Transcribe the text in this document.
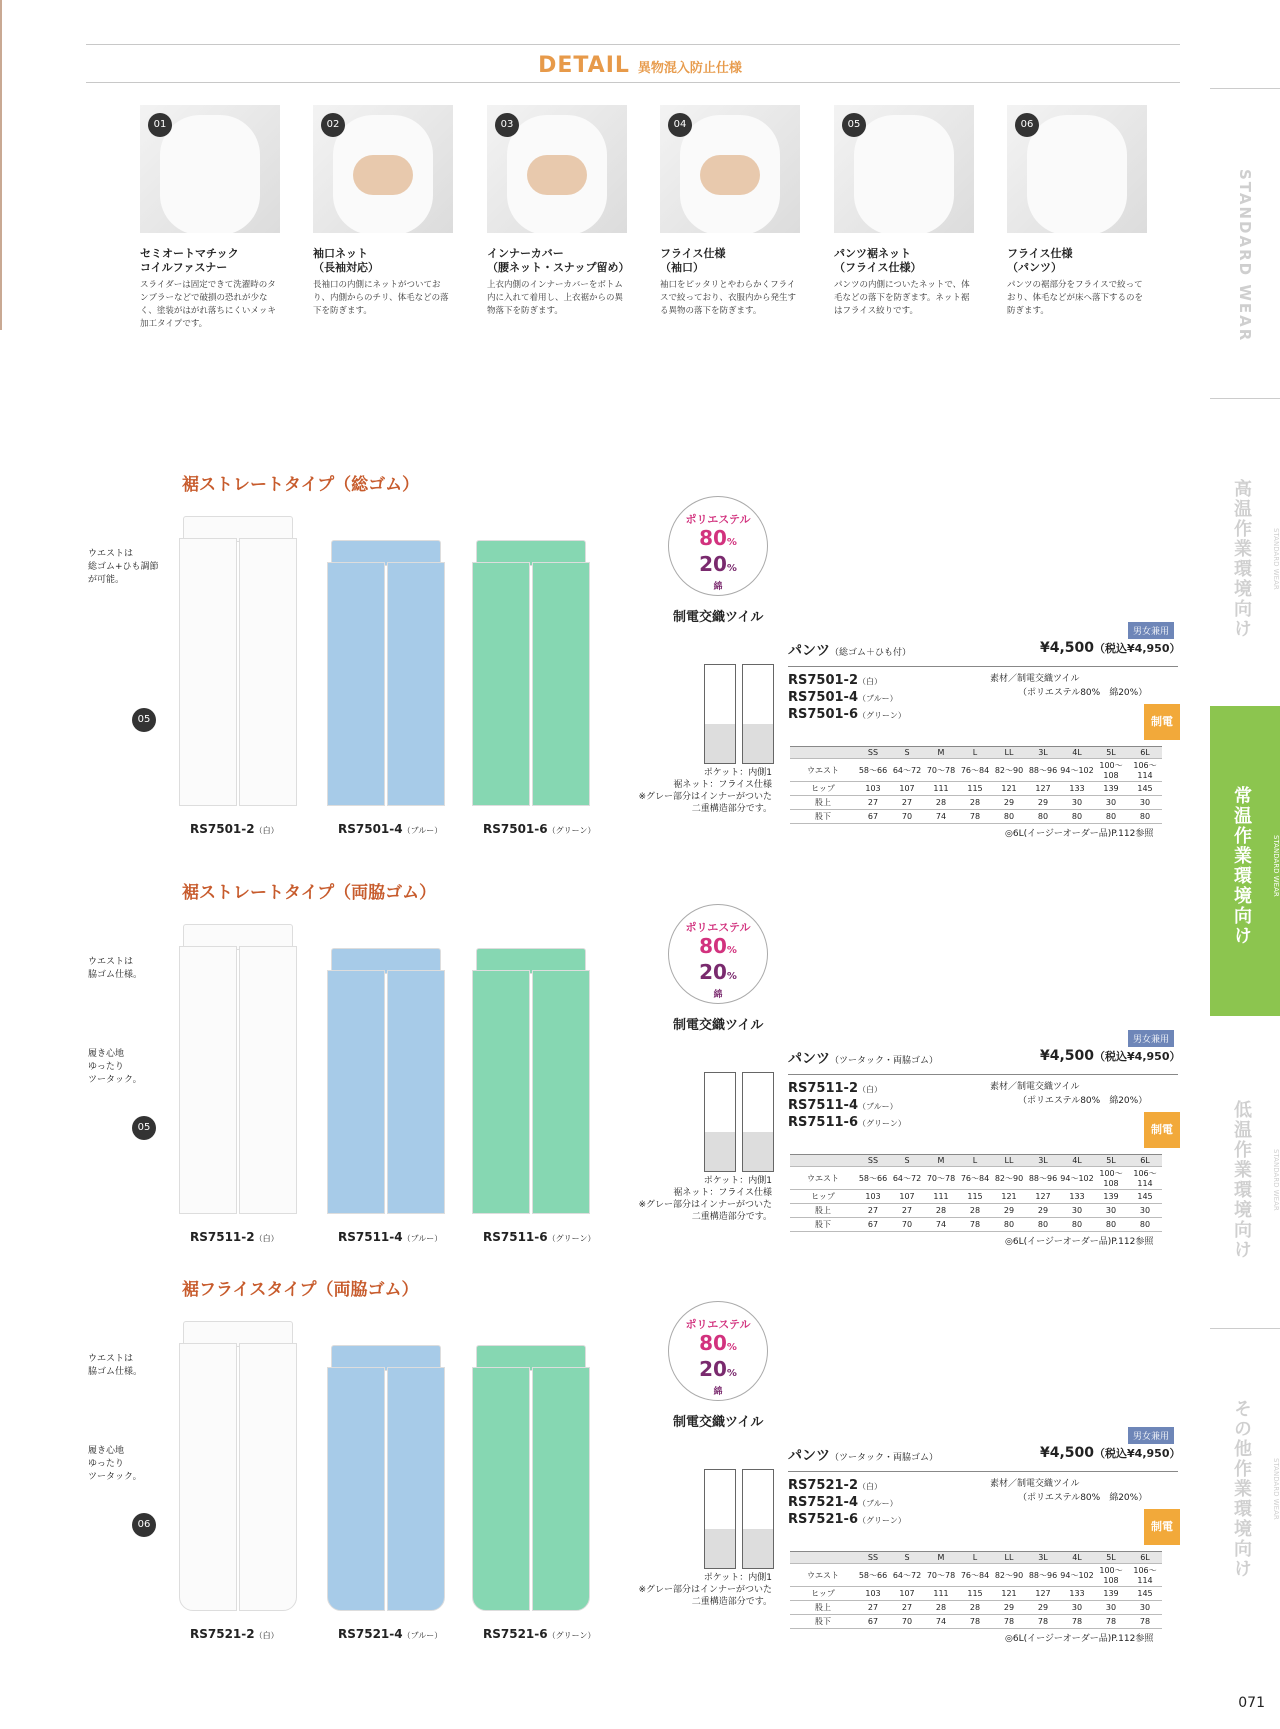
DETAIL 異物混入防止仕様
01
セミオートマチック
コイルファスナー
スライダーは固定できて洗濯時のタンブラーなどで破損の恐れが少なく、塗装がはがれ落ちにくいメッキ加工タイプです。
02
袖口ネット
（長袖対応）
長袖口の内側にネットがついており、内側からのチリ、体毛などの落下を防ぎます。
03
インナーカバー
（腰ネット・スナップ留め）
上衣内側のインナーカバーをボトム内に入れて着用し、上衣裾からの異物落下を防ぎます。
04
フライス仕様
（袖口）
袖口をピッタリとやわらかくフライスで絞っており、衣服内から発生する異物の落下を防ぎます。
05
パンツ裾ネット
（フライス仕様）
パンツの内側についたネットで、体毛などの落下を防ぎます。ネット裾はフライス絞りです。
06
フライス仕様
（パンツ）
パンツの裾部分をフライスで絞っており、体毛などが床へ落下するのを防ぎます。	STANDARD WEAR
高温作業環境向け	STANDARD WEAR
常温作業環境向け	STANDARD WEAR
低温作業環境向け	STANDARD WEAR
その他作業環境向け	STANDARD WEAR
裾ストレートタイプ（総ゴム）
ウエストは
総ゴム+ひも調節
が可能。
05
RS7501-2（白）	RS7501-4（ブルー）	RS7501-6（グリーン）
ポリエステル
80%
20%
綿
制電交織ツイル
男女兼用
パンツ（総ゴム＋ひも付）	¥4,500（税込¥4,950）
RS7501-2（白）
RS7501-4（ブルー）
RS7501-6（グリーン）
素材／制電交織ツイル
（ポリエステル80%　綿20%）
制電
ポケット：内側1
裾ネット：フライス仕様
※グレー部分はインナーがついた
二重構造部分です。
	SS	S	M	L	LL	3L	4L	5L	6L
ウエスト	58〜66	64〜72	70〜78	76〜84	82〜90	88〜96	94〜102	100〜108	106〜114
ヒップ	103	107	111	115	121	127	133	139	145
股上	27	27	28	28	29	29	30	30	30
股下	67	70	74	78	80	80	80	80	80
◎6L(イージーオーダー品)P.112参照
裾ストレートタイプ（両脇ゴム）
ウエストは
脇ゴム仕様。
履き心地
ゆったり
ツータック。
05
RS7511-2（白）	RS7511-4（ブルー）	RS7511-6（グリーン）
ポリエステル
80%
20%
綿
制電交織ツイル
男女兼用
パンツ（ツータック・両脇ゴム）	¥4,500（税込¥4,950）
RS7511-2（白）
RS7511-4（ブルー）
RS7511-6（グリーン）
素材／制電交織ツイル
（ポリエステル80%　綿20%）
制電
ポケット：内側1
裾ネット：フライス仕様
※グレー部分はインナーがついた
二重構造部分です。
	SS	S	M	L	LL	3L	4L	5L	6L
ウエスト	58〜66	64〜72	70〜78	76〜84	82〜90	88〜96	94〜102	100〜108	106〜114
ヒップ	103	107	111	115	121	127	133	139	145
股上	27	27	28	28	29	29	30	30	30
股下	67	70	74	78	80	80	80	80	80
◎6L(イージーオーダー品)P.112参照
裾フライスタイプ（両脇ゴム）
ウエストは
脇ゴム仕様。
履き心地
ゆったり
ツータック。
06
RS7521-2（白）	RS7521-4（ブルー）	RS7521-6（グリーン）
ポリエステル
80%
20%
綿
制電交織ツイル
男女兼用
パンツ（ツータック・両脇ゴム）	¥4,500（税込¥4,950）
RS7521-2（白）
RS7521-4（ブルー）
RS7521-6（グリーン）
素材／制電交織ツイル
（ポリエステル80%　綿20%）
制電
ポケット：内側1
※グレー部分はインナーがついた
二重構造部分です。
	SS	S	M	L	LL	3L	4L	5L	6L
ウエスト	58〜66	64〜72	70〜78	76〜84	82〜90	88〜96	94〜102	100〜108	106〜114
ヒップ	103	107	111	115	121	127	133	139	145
股上	27	27	28	28	29	29	30	30	30
股下	67	70	74	78	78	78	78	78	78
◎6L(イージーオーダー品)P.112参照
071
